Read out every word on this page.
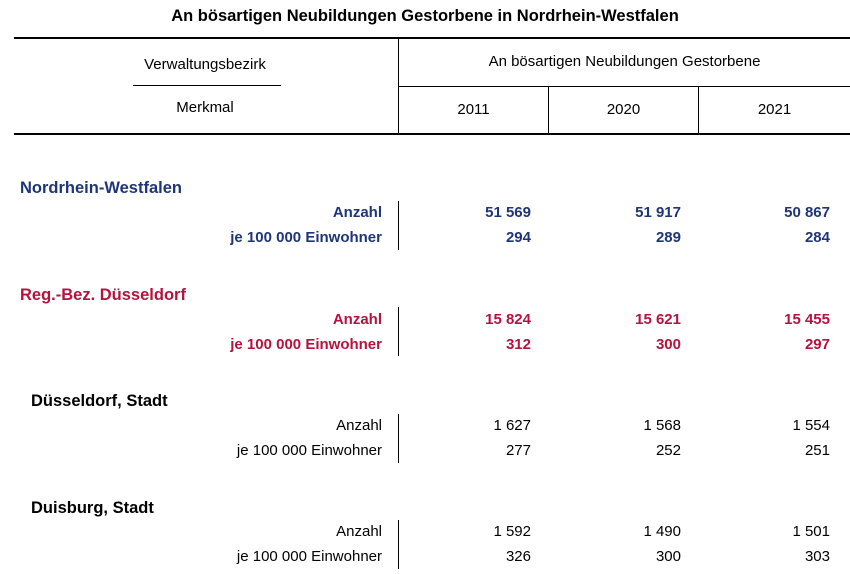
An bösartigen Neubildungen Gestorbene in Nordrhein-Westfalen
Verwaltungsbezirk
Merkmal
An bösartigen Neubildungen Gestorbene
2011	2020	2021
Nordrhein-Westfalen
Anzahl	51 569	51 917	50 867
je 100 000 Einwohner	294	289	284
Reg.-Bez. Düsseldorf
Anzahl	15 824	15 621	15 455
je 100 000 Einwohner	312	300	297
Düsseldorf, Stadt
Anzahl	1 627	1 568	1 554
je 100 000 Einwohner	277	252	251
Duisburg, Stadt
Anzahl	1 592	1 490	1 501
je 100 000 Einwohner	326	300	303
